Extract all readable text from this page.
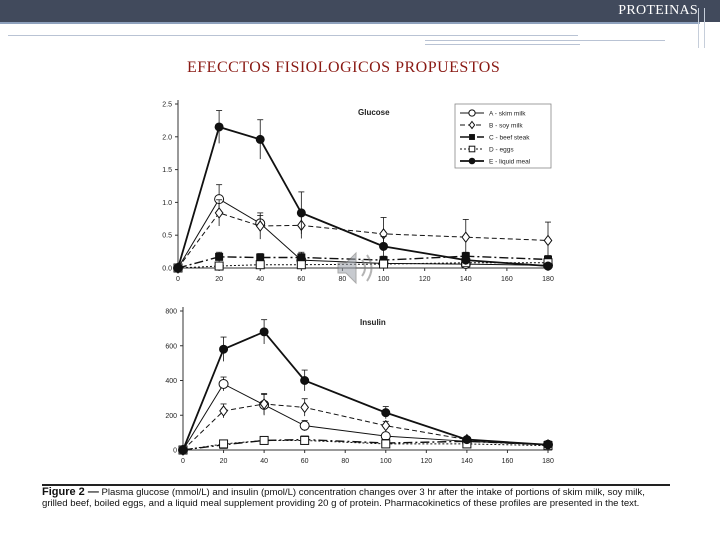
PROTEINAS
EFECCTOS FISIOLOGICOS PROPUESTOS
0	20	40	60	80	100	120	140	160	180
0.0
0.5
1.0
1.5
2.0
2.5
Glucose	A - skim milk
B - soy milk
C - beef steak
D - eggs
E - liquid meal
0	20	40	60	80	100	120	140	160	180
0
200
400
600
800
Insulin
Figure 2 — Plasma glucose (mmol/L) and insulin (pmol/L) concentration changes over 3 hr after the intake of portions of skim milk, soy milk, grilled beef, boiled eggs, and a liquid meal supplement providing 20 g of protein. Pharmacokinetics of these profiles are presented in the text.
